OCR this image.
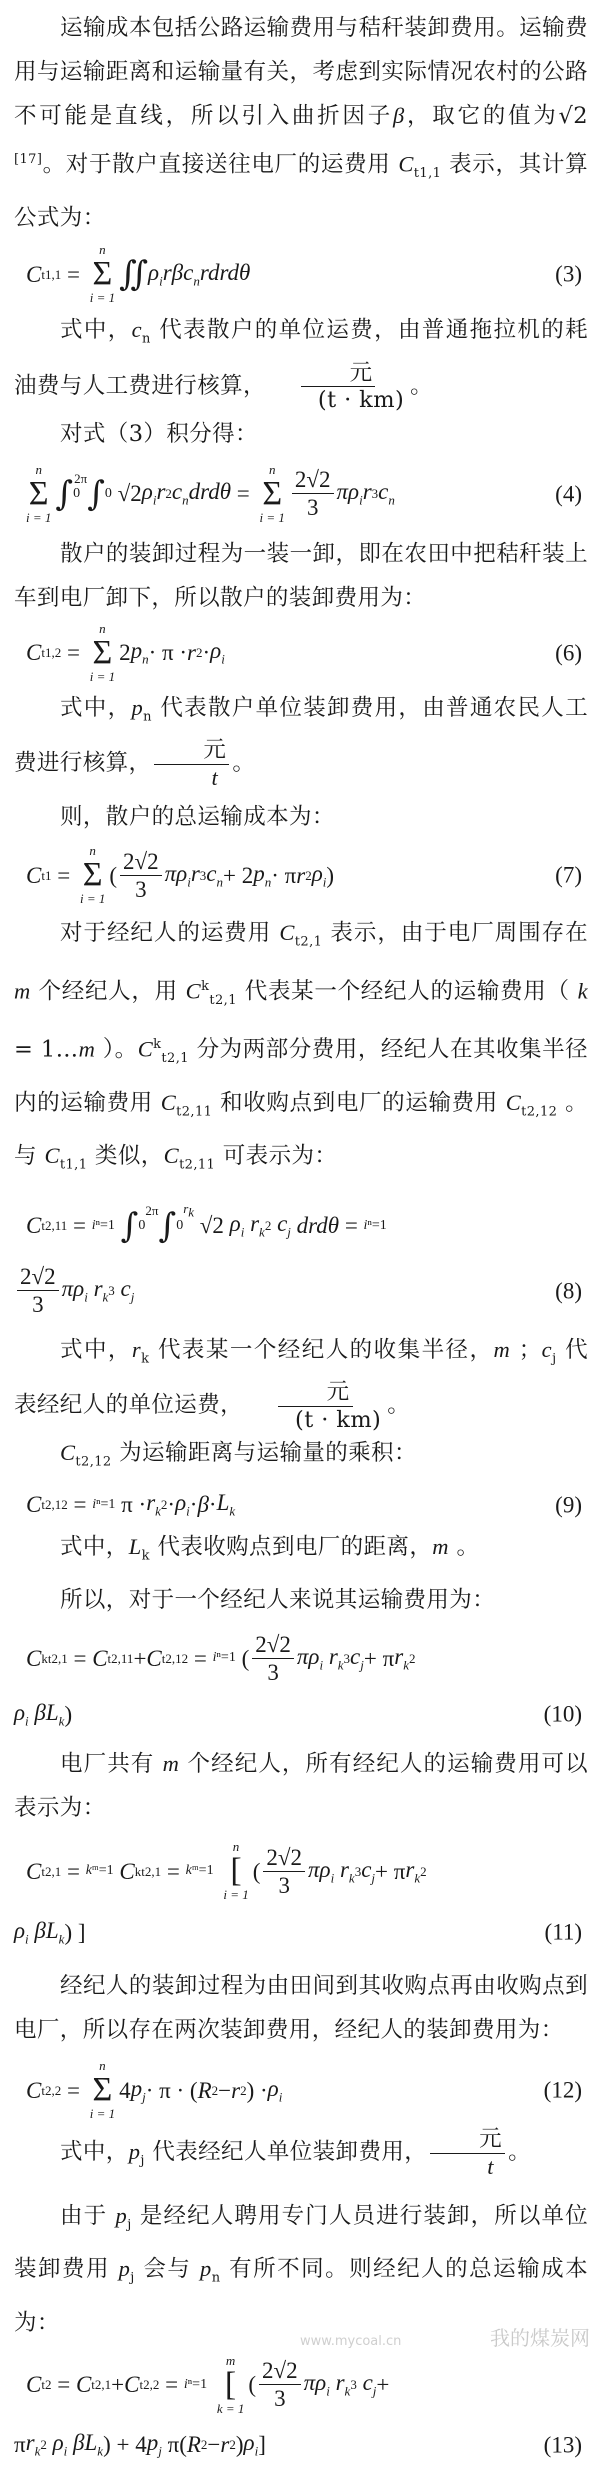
运输成本包括公路运输费用与秸秆装卸费用。运输费用与运输距离和运输量有关，考虑到实际情况农村的公路不可能是直线，所以引入曲折因子β，取它的值为√2 [17]。对于散户直接送往电厂的运费用 $C_{t1,1}$ 表示，其计算公式为：

C t1,1 =
n
Σ
i = 1
∬ $\rho_ir\beta c_nrdrd\theta$	(3)

式中，$c_n$ 代表散户的单位运费，由普通拖拉机的耗油费与人工费进行核算， $\frac{\text{元}}{(t \cdot km)}$ 。

对式（3）积分得：

n
Σ
i = 1
∫ 0
2π ∫ 0 √2 $\rho_ir$ 2 $c_ndrd\theta$ =
n
Σ
$i = 1 \frac{2√2}{3} \pi\rho_ir$ 3 $c_n$	(4)

散户的装卸过程为一装一卸，即在农田中把秸秆装上车到电厂卸下，所以散户的装卸费用为：

C t1,2 =
n
Σ
i = 1
2 $p_n \cdot \pi \cdot r$ $2 \cdot \rho_i$	(6)

式中，$p_n$ 代表散户单位装卸费用，由普通农民人工费进行核算， $\frac{\text{元}}{t}$ 。

则，散户的总运输成本为：

C t1 =
n
Σ
i = 1
( $\frac{2√2}{3} \pi\rho_ir$ 3 $c_n + 2$ $p_n \cdot \pi$ r 2 $\rho_i$ )	(7)

对于经纪人的运费用 $C_{t2,1}$ 表示，由于电厂周围存在 m 个经纪人，用 $C^k_{t2,1}$ 代表某一个经纪人的运输费用（ k = 1…m ）。$C^k_{t2,1}$ 分为两部分费用，经纪人在其收集半径内的运输费用 $C_{t2,11}$ 和收购点到电厂的运输费用 $C_{t2,12}$ 。与 $C_{t1,1}$ 类似，$C_{t2,11}$ 可表示为：

C t2,11 = i ⁿ= 1
∫ 0
2π ∫ 0
$^{r_k}$
√2 $\rho_i$
$r_k$ 2
$c_j$
drdθ = i ⁿ= 1
$\frac{2√2}{3} \pi\rho_i$
$r_k$ 3
$c_j$	(8)

式中，$r_k$ 代表某一个经纪人的收集半径，m ；$c_j$ 代表经纪人的单位运费， $\frac{\text{元}}{(t \cdot km)}$ 。

$C_{t2,12}$ 为运输距离与运输量的乘积：

C t2,12 = i ⁿ= 1 $\pi \cdot r_k$ $2 \cdot \rho_i \cdot \beta \cdot L_k$	(9)

式中，$L_k$ 代表收购点到电厂的距离，m 。

所以，对于一个经纪人来说其运输费用为：

C k t2,1 = C t2,11 + C t2,12 = i ⁿ= 1 ( $\frac{2√2}{3} \pi\rho_i$
$r_k$ 3 $c_j + \pi$ $r_k$ 2
$\rho_i$
$\beta L_k$ )	(10)

电厂共有 m 个经纪人，所有经纪人的运输费用可以表示为：

C t2,1 = k ᵐ= 1
C k t2,1 = k ᵐ= 1

n
[
i = 1
( $\frac{2√2}{3} \pi\rho_i$
$r_k$ 3 $c_j + \pi$ $r_k$ 2
$\rho_i$
$\beta L_k$ ) ]	(11)

经纪人的装卸过程为由田间到其收购点再由收购点到电厂，所以存在两次装卸费用，经纪人的装卸费用为：

C t2,2 =
n
Σ
i = 1
4 $p_j \cdot \pi$ · ( R 2 − r 2 ) · $\rho_i$	(12)

式中，$p_j$ 代表经纪人单位装卸费用， $\frac{\text{元}}{t}$ 。

由于 $p_j$ 是经纪人聘用专门人员进行装卸，所以单位装卸费用 $p_j$ 会与 $p_n$ 有所不同。则经纪人的总运输成本为：

C t2 = C t2,1 + C t2,2 = i ⁿ= 1

m
[
k = 1
( $\frac{2√2}{3} \pi\rho_i$
$r_k$ 3
$c_j$ +
π $r_k$ 2
$\rho_i$
$\beta L_k$ ) + 4 $p_j$ π( R 2 − r 2 ) $\rho_i$ ]	(13)
www.mycoal.cn	我的煤炭网
